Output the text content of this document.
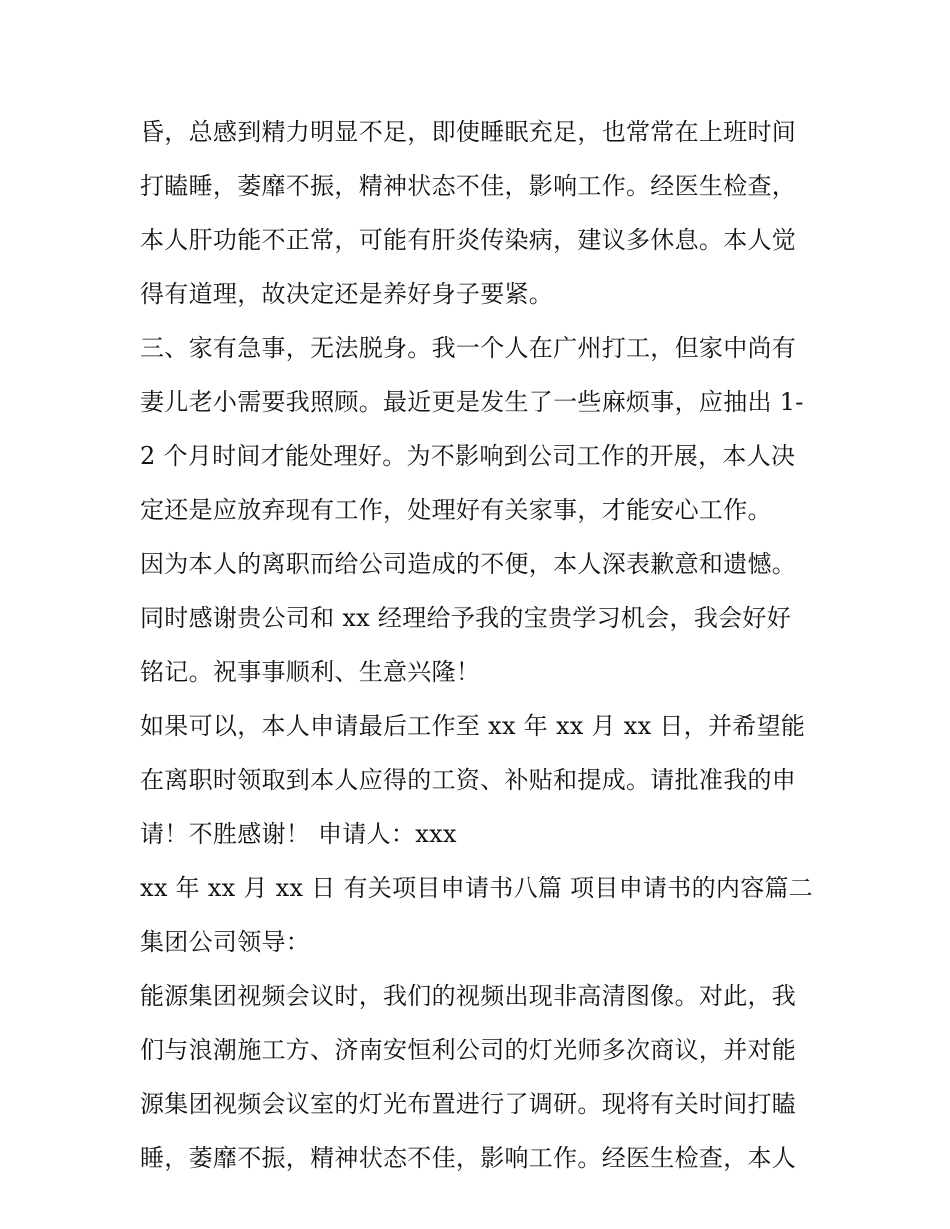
昏，总感到精力明显不足，即使睡眠充足，也常常在上班时间
打瞌睡，萎靡不振，精神状态不佳，影响工作。经医生检查，
本人肝功能不正常，可能有肝炎传染病，建议多休息。本人觉
得有道理，故决定还是养好身子要紧。
三、家有急事，无法脱身。我一个人在广州打工，但家中尚有
妻儿老小需要我照顾。最近更是发生了一些麻烦事，应抽出 1-
2 个月时间才能处理好。为不影响到公司工作的开展，本人决
定还是应放弃现有工作，处理好有关家事，才能安心工作。
因为本人的离职而给公司造成的不便，本人深表歉意和遗憾。
同时感谢贵公司和 xx 经理给予我的宝贵学习机会，我会好好
铭记。祝事事顺利、生意兴隆！
如果可以，本人申请最后工作至 xx 年 xx 月 xx 日，并希望能
在离职时领取到本人应得的工资、补贴和提成。请批准我的申
请！不胜感谢！ 申请人：xxx
xx 年 xx 月 xx 日 有关项目申请书八篇 项目申请书的内容篇二
集团公司领导：
能源集团视频会议时，我们的视频出现非高清图像。对此，我
们与浪潮施工方、济南安恒利公司的灯光师多次商议，并对能
源集团视频会议室的灯光布置进行了调研。现将有关时间打瞌
睡，萎靡不振，精神状态不佳，影响工作。经医生检查，本人
